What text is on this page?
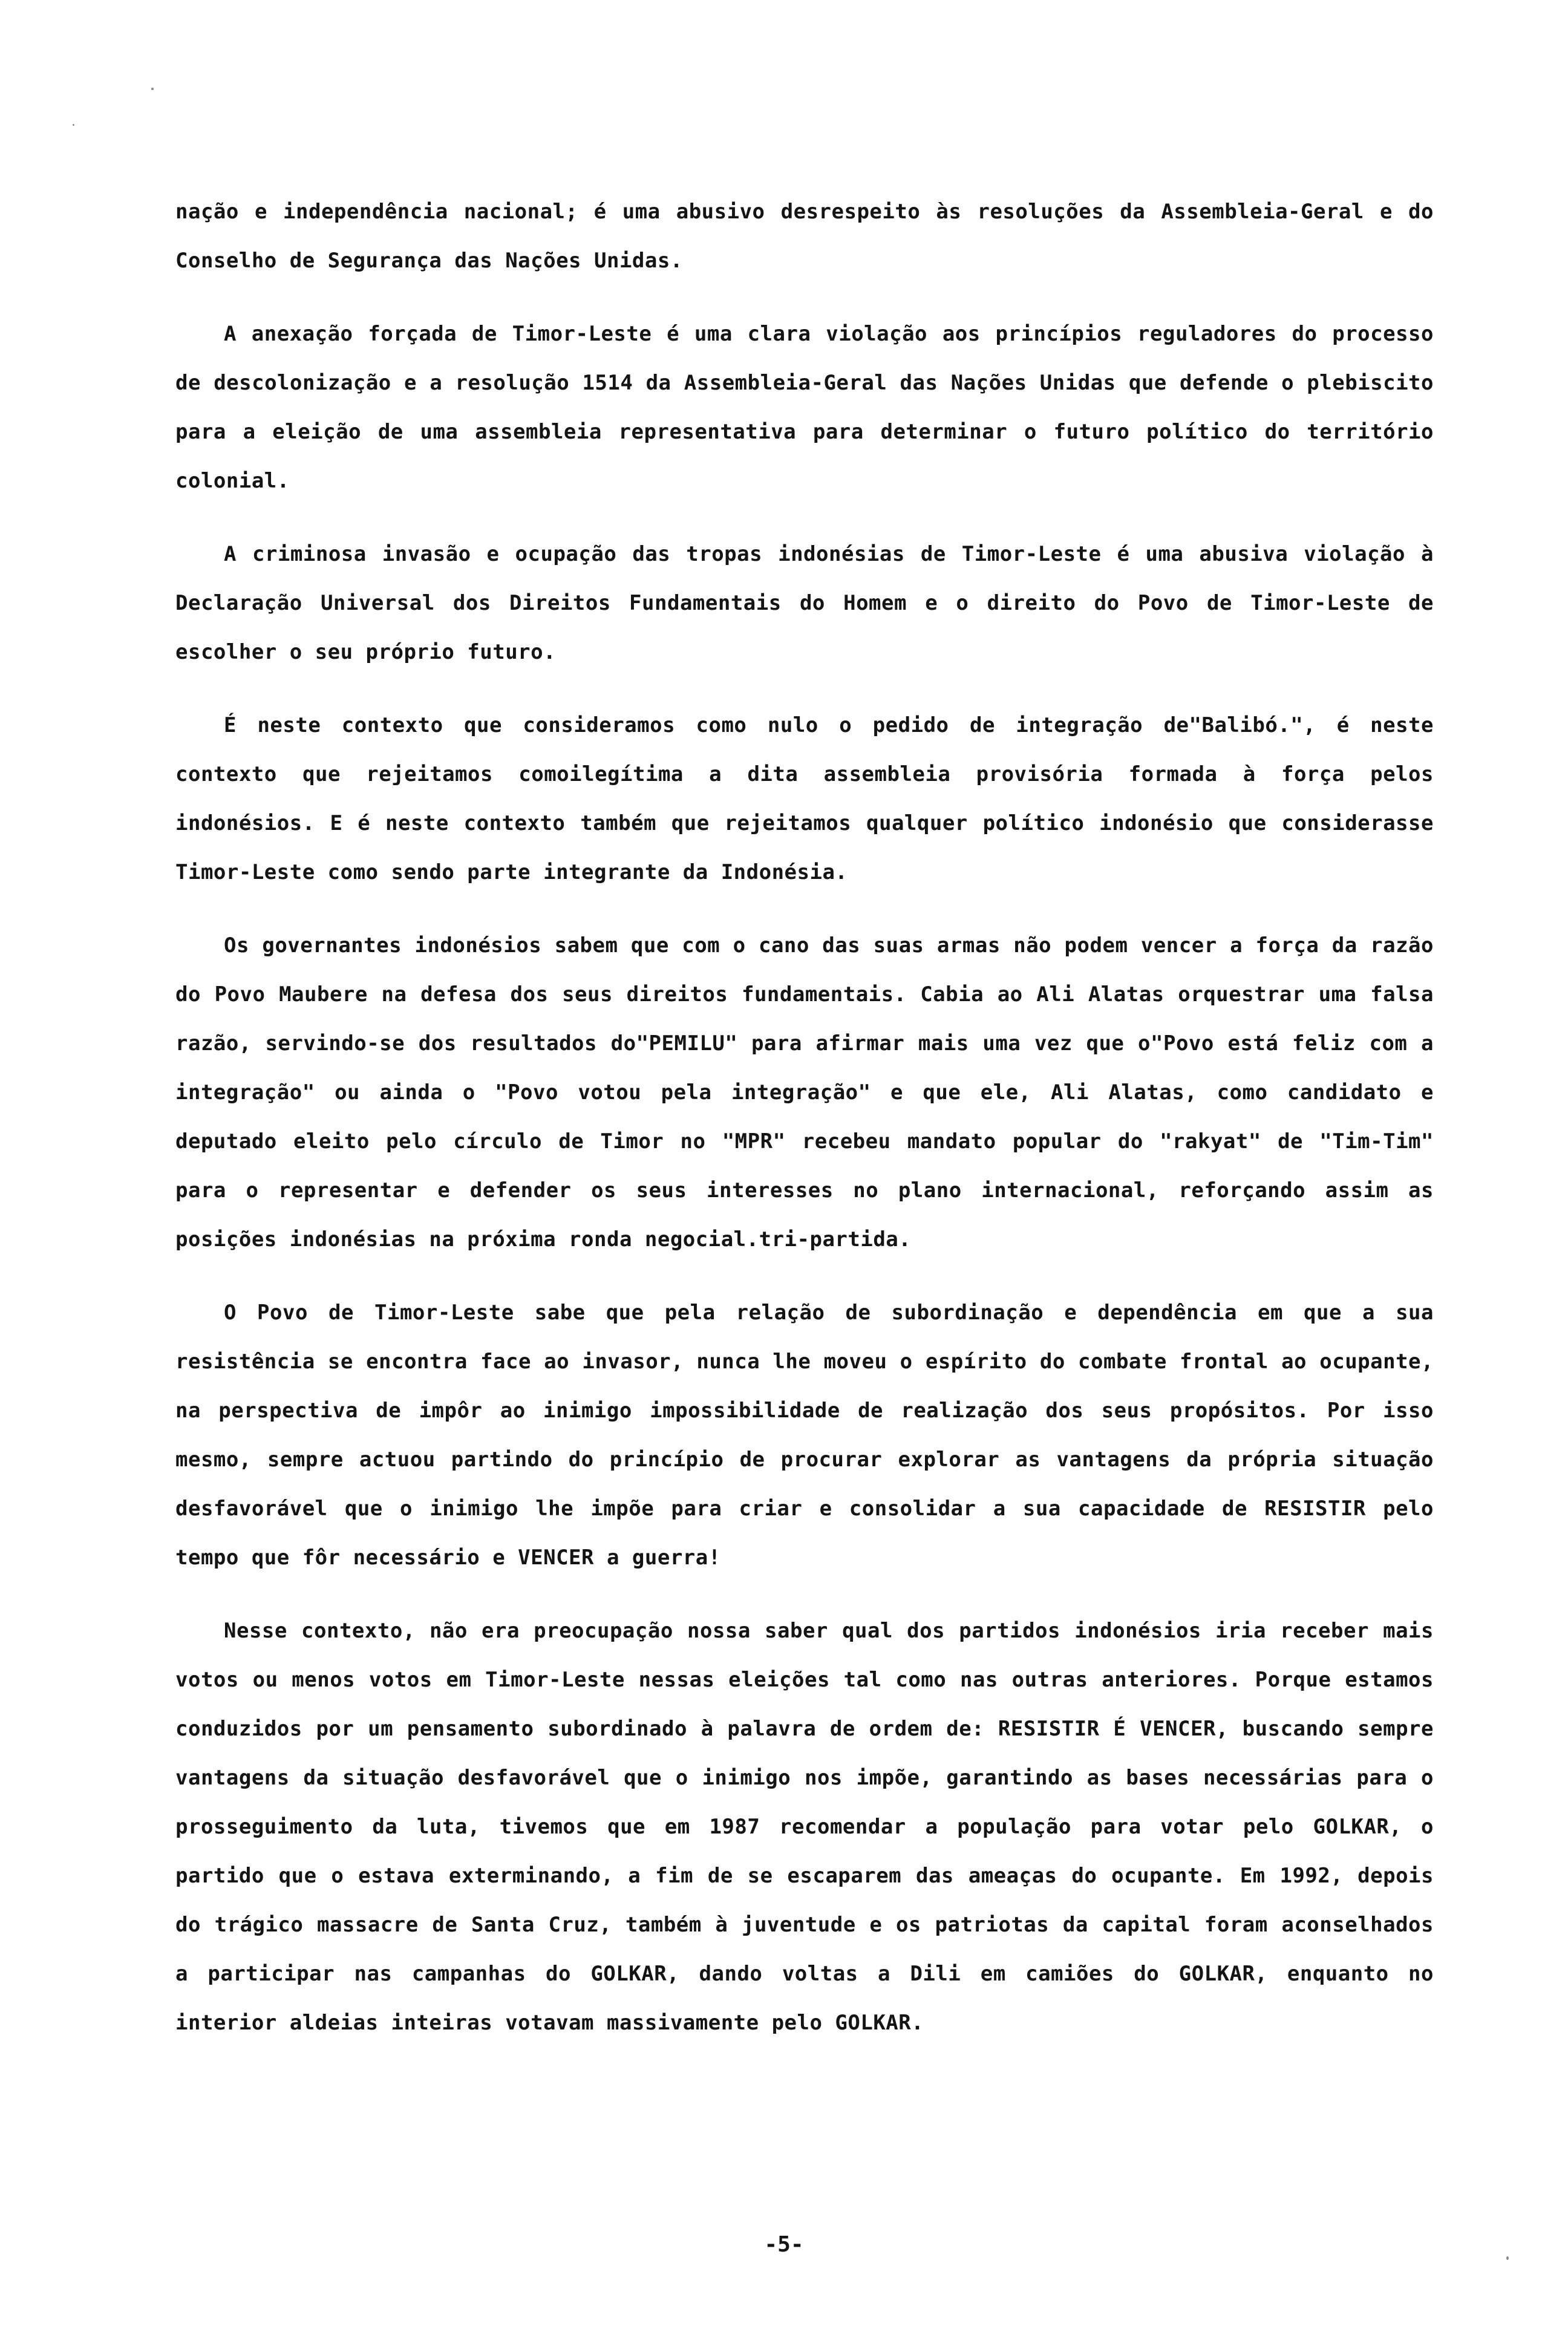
nação e independência nacional; é uma abusivo desrespeito às resoluções da Assembleia-Geral e do Conselho de Segurança das Nações Unidas.

A anexação forçada de Timor-Leste é uma clara violação aos princípios reguladores do processo de descolonização e a resolução 1514 da Assembleia-Geral das Nações Unidas que defende o plebiscito para a eleição de uma assembleia representativa para determinar o futuro político do território colonial.

A criminosa invasão e ocupação das tropas indonésias de Timor-Leste é uma abusiva violação à Declaração Universal dos Direitos Fundamentais do Homem e o direito do Povo de Timor-Leste de escolher o seu próprio futuro.

É neste contexto que consideramos como nulo o pedido de integração de"Balibó.", é neste contexto que rejeitamos comoilegítima a dita assembleia provisória formada à força pelos indonésios. E é neste contexto também que rejeitamos qualquer político indonésio que considerasse Timor-Leste como sendo parte integrante da Indonésia.

Os governantes indonésios sabem que com o cano das suas armas não podem vencer a força da razão do Povo Maubere na defesa dos seus direitos fundamentais. Cabia ao Ali Alatas orquestrar uma falsa razão, servindo-se dos resultados do"PEMILU" para afirmar mais uma vez que o"Povo está feliz com a integração" ou ainda o "Povo votou pela integração" e que ele, Ali Alatas, como candidato e deputado eleito pelo círculo de Timor no "MPR" recebeu mandato popular do "rakyat" de "Tim-Tim" para o representar e defender os seus interesses no plano internacional, reforçando assim as posições indonésias na próxima ronda negocial.tri-partida.

O Povo de Timor-Leste sabe que pela relação de subordinação e dependência em que a sua resistência se encontra face ao invasor, nunca lhe moveu o espírito do combate frontal ao ocupante, na perspectiva de impôr ao inimigo impossibilidade de realização dos seus propósitos. Por isso mesmo, sempre actuou partindo do princípio de procurar explorar as vantagens da própria situação desfavorável que o inimigo lhe impõe para criar e consolidar a sua capacidade de RESISTIR pelo tempo que fôr necessário e VENCER a guerra!

Nesse contexto, não era preocupação nossa saber qual dos partidos indonésios iria receber mais votos ou menos votos em Timor-Leste nessas eleições tal como nas outras anteriores. Porque estamos conduzidos por um pensamento subordinado à palavra de ordem de: RESISTIR É VENCER, buscando sempre vantagens da situação desfavorável que o inimigo nos impõe, garantindo as bases necessárias para o prosseguimento da luta, tivemos que em 1987 recomendar a população para votar pelo GOLKAR, o partido que o estava exterminando, a fim de se escaparem das ameaças do ocupante. Em 1992, depois do trágico massacre de Santa Cruz, também à juventude e os patriotas da capital foram aconselhados a participar nas campanhas do GOLKAR, dando voltas a Dili em camiões do GOLKAR, enquanto no interior aldeias inteiras votavam massivamente pelo GOLKAR.

-5-
